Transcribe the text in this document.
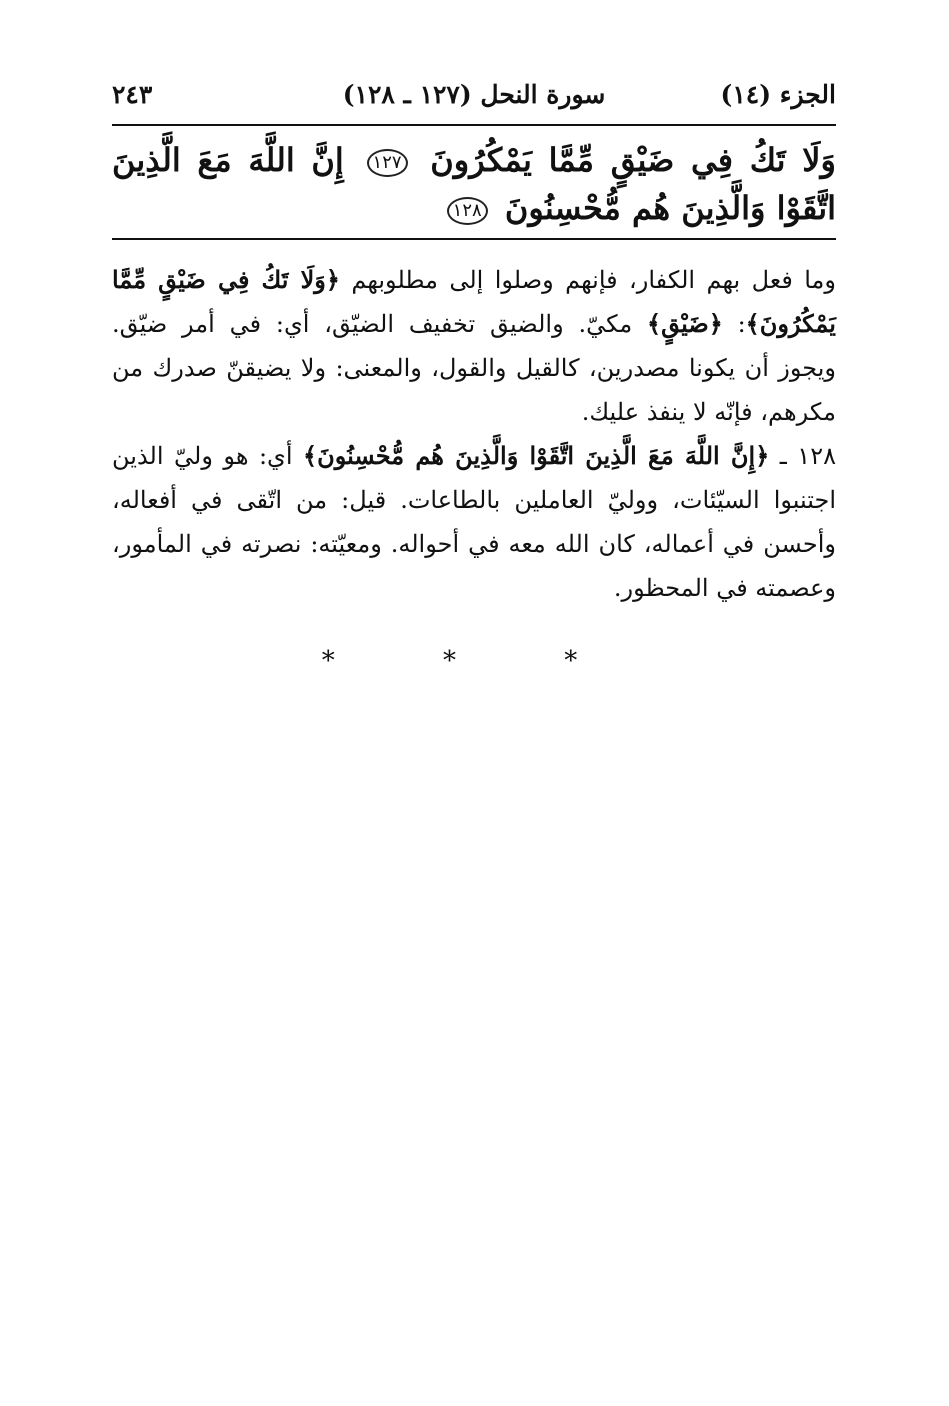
الجزء (١٤)
سورة النحل (١٢٧ ـ ١٢٨)
٢٤٣

وَلَا تَكُ فِي ضَيْقٍ مِّمَّا يَمْكُرُونَ ١٢٧ إِنَّ اللَّهَ مَعَ الَّذِينَ اتَّقَوْا وَالَّذِينَ هُم مُّحْسِنُونَ ١٢٨

وما فعل بهم الكفار، فإنهم وصلوا إلى مطلوبهم ﴿وَلَا تَكُ فِي ضَيْقٍ مِّمَّا يَمْكُرُونَ﴾: ﴿ضَيْقٍ﴾ مكيّ. والضيق تخفيف الضيّق، أي: في أمر ضيّق. ويجوز أن يكونا مصدرين، كالقيل والقول، والمعنى: ولا يضيقنّ صدرك من مكرهم، فإنّه لا ينفذ عليك.

١٢٨ ـ ﴿إِنَّ اللَّهَ مَعَ الَّذِينَ اتَّقَوْا وَالَّذِينَ هُم مُّحْسِنُونَ﴾ أي: هو وليّ الذين اجتنبوا السيّئات، ووليّ العاملين بالطاعات. قيل: من اتّقى في أفعاله، وأحسن في أعماله، كان الله معه في أحواله. ومعيّته: نصرته في المأمور، وعصمته في المحظور.

* * *
